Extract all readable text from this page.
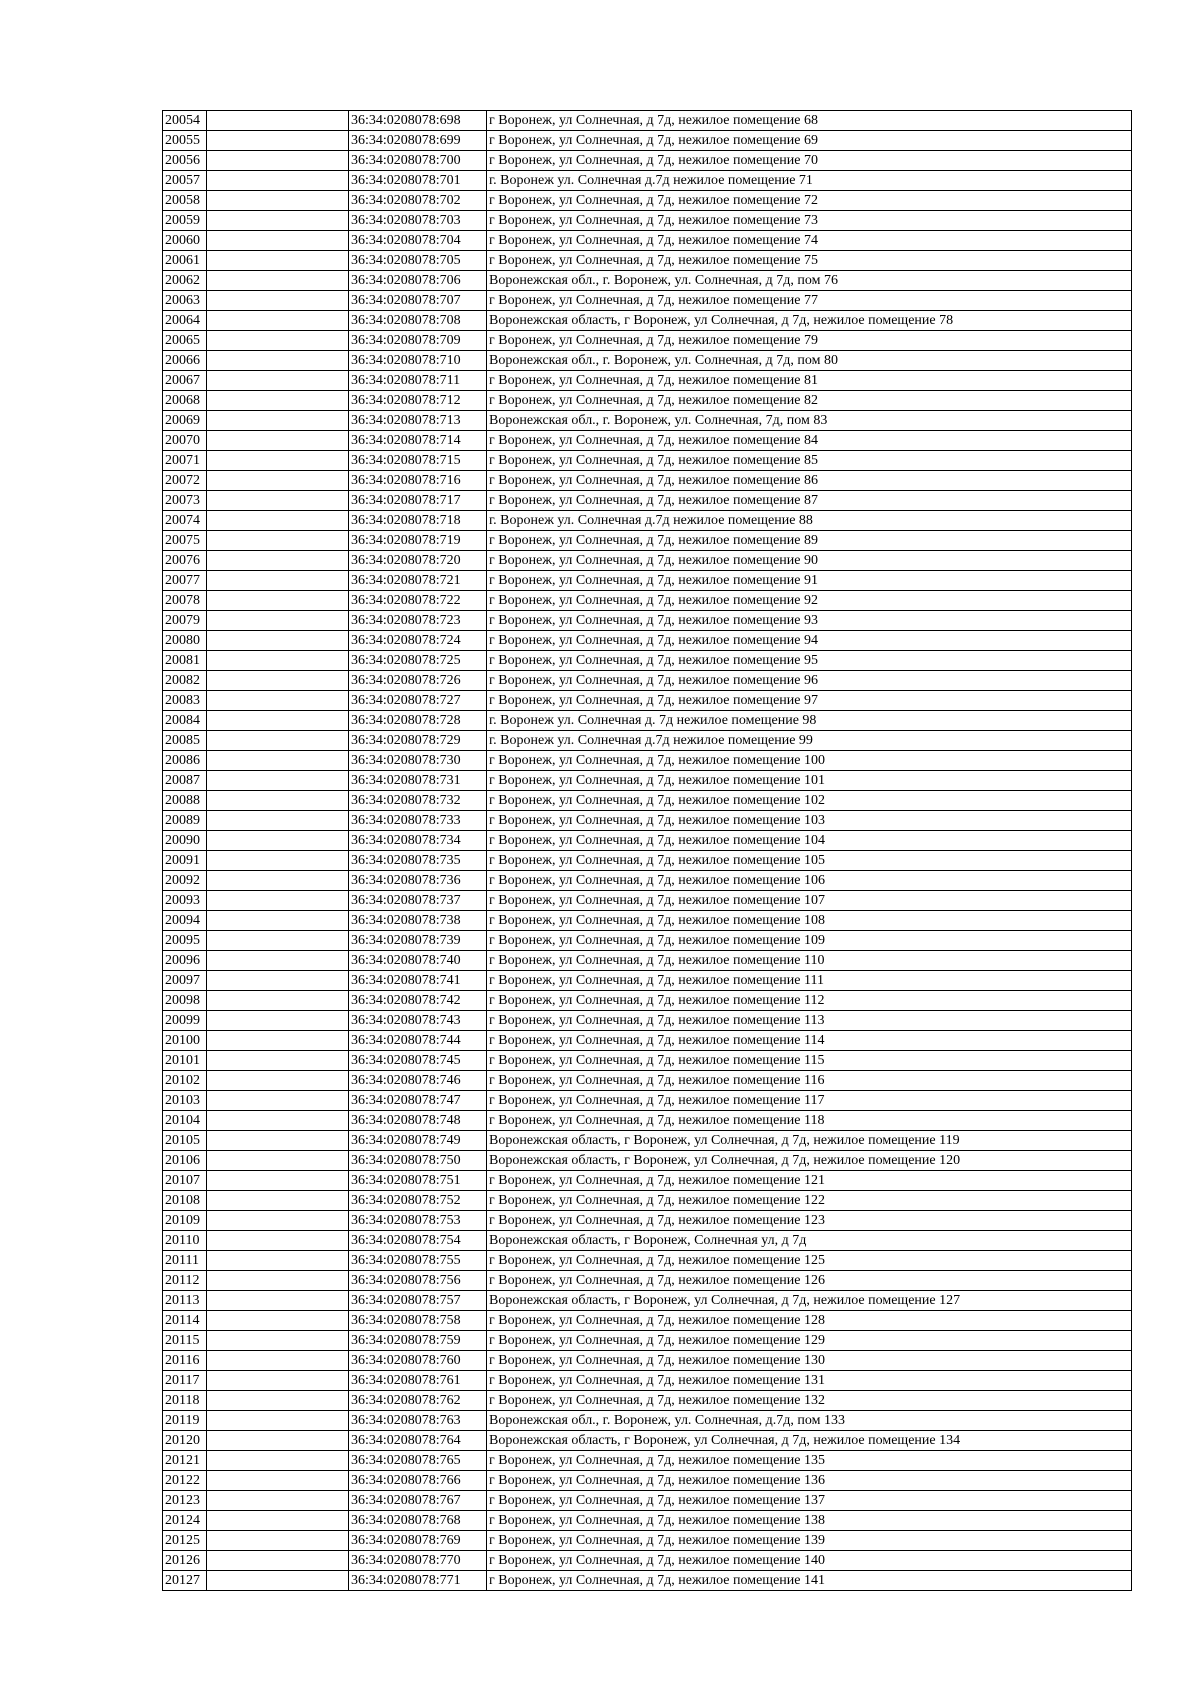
20054		36:34:0208078:698	г Воронеж, ул Солнечная, д 7д, нежилое помещение 68
20055		36:34:0208078:699	г Воронеж, ул Солнечная, д 7д, нежилое помещение 69
20056		36:34:0208078:700	г Воронеж, ул Солнечная, д 7д, нежилое помещение 70
20057		36:34:0208078:701	г. Воронеж ул. Солнечная д.7д нежилое помещение 71
20058		36:34:0208078:702	г Воронеж, ул Солнечная, д 7д, нежилое помещение 72
20059		36:34:0208078:703	г Воронеж, ул Солнечная, д 7д, нежилое помещение 73
20060		36:34:0208078:704	г Воронеж, ул Солнечная, д 7д, нежилое помещение 74
20061		36:34:0208078:705	г Воронеж, ул Солнечная, д 7д, нежилое помещение 75
20062		36:34:0208078:706	Воронежская обл., г. Воронеж, ул. Солнечная, д 7д, пом 76
20063		36:34:0208078:707	г Воронеж, ул Солнечная, д 7д, нежилое помещение 77
20064		36:34:0208078:708	Воронежская область, г Воронеж, ул Солнечная, д 7д, нежилое помещение 78
20065		36:34:0208078:709	г Воронеж, ул Солнечная, д 7д, нежилое помещение 79
20066		36:34:0208078:710	Воронежская обл., г. Воронеж, ул. Солнечная, д 7д, пом 80
20067		36:34:0208078:711	г Воронеж, ул Солнечная, д 7д, нежилое помещение 81
20068		36:34:0208078:712	г Воронеж, ул Солнечная, д 7д, нежилое помещение 82
20069		36:34:0208078:713	Воронежская обл., г. Воронеж, ул. Солнечная, 7д, пом 83
20070		36:34:0208078:714	г Воронеж, ул Солнечная, д 7д, нежилое помещение 84
20071		36:34:0208078:715	г Воронеж, ул Солнечная, д 7д, нежилое помещение 85
20072		36:34:0208078:716	г Воронеж, ул Солнечная, д 7д, нежилое помещение 86
20073		36:34:0208078:717	г Воронеж, ул Солнечная, д 7д, нежилое помещение 87
20074		36:34:0208078:718	г. Воронеж ул. Солнечная д.7д нежилое помещение 88
20075		36:34:0208078:719	г Воронеж, ул Солнечная, д 7д, нежилое помещение 89
20076		36:34:0208078:720	г Воронеж, ул Солнечная, д 7д, нежилое помещение 90
20077		36:34:0208078:721	г Воронеж, ул Солнечная, д 7д, нежилое помещение 91
20078		36:34:0208078:722	г Воронеж, ул Солнечная, д 7д, нежилое помещение 92
20079		36:34:0208078:723	г Воронеж, ул Солнечная, д 7д, нежилое помещение 93
20080		36:34:0208078:724	г Воронеж, ул Солнечная, д 7д, нежилое помещение 94
20081		36:34:0208078:725	г Воронеж, ул Солнечная, д 7д, нежилое помещение 95
20082		36:34:0208078:726	г Воронеж, ул Солнечная, д 7д, нежилое помещение 96
20083		36:34:0208078:727	г Воронеж, ул Солнечная, д 7д, нежилое помещение 97
20084		36:34:0208078:728	г. Воронеж ул. Солнечная д. 7д нежилое помещение 98
20085		36:34:0208078:729	г. Воронеж ул. Солнечная д.7д нежилое помещение 99
20086		36:34:0208078:730	г Воронеж, ул Солнечная, д 7д, нежилое помещение 100
20087		36:34:0208078:731	г Воронеж, ул Солнечная, д 7д, нежилое помещение 101
20088		36:34:0208078:732	г Воронеж, ул Солнечная, д 7д, нежилое помещение 102
20089		36:34:0208078:733	г Воронеж, ул Солнечная, д 7д, нежилое помещение 103
20090		36:34:0208078:734	г Воронеж, ул Солнечная, д 7д, нежилое помещение 104
20091		36:34:0208078:735	г Воронеж, ул Солнечная, д 7д, нежилое помещение 105
20092		36:34:0208078:736	г Воронеж, ул Солнечная, д 7д, нежилое помещение 106
20093		36:34:0208078:737	г Воронеж, ул Солнечная, д 7д, нежилое помещение 107
20094		36:34:0208078:738	г Воронеж, ул Солнечная, д 7д, нежилое помещение 108
20095		36:34:0208078:739	г Воронеж, ул Солнечная, д 7д, нежилое помещение 109
20096		36:34:0208078:740	г Воронеж, ул Солнечная, д 7д, нежилое помещение 110
20097		36:34:0208078:741	г Воронеж, ул Солнечная, д 7д, нежилое помещение 111
20098		36:34:0208078:742	г Воронеж, ул Солнечная, д 7д, нежилое помещение 112
20099		36:34:0208078:743	г Воронеж, ул Солнечная, д 7д, нежилое помещение 113
20100		36:34:0208078:744	г Воронеж, ул Солнечная, д 7д, нежилое помещение 114
20101		36:34:0208078:745	г Воронеж, ул Солнечная, д 7д, нежилое помещение 115
20102		36:34:0208078:746	г Воронеж, ул Солнечная, д 7д, нежилое помещение 116
20103		36:34:0208078:747	г Воронеж, ул Солнечная, д 7д, нежилое помещение 117
20104		36:34:0208078:748	г Воронеж, ул Солнечная, д 7д, нежилое помещение 118
20105		36:34:0208078:749	Воронежская область, г Воронеж, ул Солнечная, д 7д, нежилое помещение 119
20106		36:34:0208078:750	Воронежская область, г Воронеж, ул Солнечная, д 7д, нежилое помещение 120
20107		36:34:0208078:751	г Воронеж, ул Солнечная, д 7д, нежилое помещение 121
20108		36:34:0208078:752	г Воронеж, ул Солнечная, д 7д, нежилое помещение 122
20109		36:34:0208078:753	г Воронеж, ул Солнечная, д 7д, нежилое помещение 123
20110		36:34:0208078:754	Воронежская область, г Воронеж, Солнечная ул, д 7д
20111		36:34:0208078:755	г Воронеж, ул Солнечная, д 7д, нежилое помещение 125
20112		36:34:0208078:756	г Воронеж, ул Солнечная, д 7д, нежилое помещение 126
20113		36:34:0208078:757	Воронежская область, г Воронеж, ул Солнечная, д 7д, нежилое помещение 127
20114		36:34:0208078:758	г Воронеж, ул Солнечная, д 7д, нежилое помещение 128
20115		36:34:0208078:759	г Воронеж, ул Солнечная, д 7д, нежилое помещение 129
20116		36:34:0208078:760	г Воронеж, ул Солнечная, д 7д, нежилое помещение 130
20117		36:34:0208078:761	г Воронеж, ул Солнечная, д 7д, нежилое помещение 131
20118		36:34:0208078:762	г Воронеж, ул Солнечная, д 7д, нежилое помещение 132
20119		36:34:0208078:763	Воронежская обл., г. Воронеж, ул. Солнечная, д.7д, пом 133
20120		36:34:0208078:764	Воронежская область, г Воронеж, ул Солнечная, д 7д, нежилое помещение 134
20121		36:34:0208078:765	г Воронеж, ул Солнечная, д 7д, нежилое помещение 135
20122		36:34:0208078:766	г Воронеж, ул Солнечная, д 7д, нежилое помещение 136
20123		36:34:0208078:767	г Воронеж, ул Солнечная, д 7д, нежилое помещение 137
20124		36:34:0208078:768	г Воронеж, ул Солнечная, д 7д, нежилое помещение 138
20125		36:34:0208078:769	г Воронеж, ул Солнечная, д 7д, нежилое помещение 139
20126		36:34:0208078:770	г Воронеж, ул Солнечная, д 7д, нежилое помещение 140
20127		36:34:0208078:771	г Воронеж, ул Солнечная, д 7д, нежилое помещение 141
